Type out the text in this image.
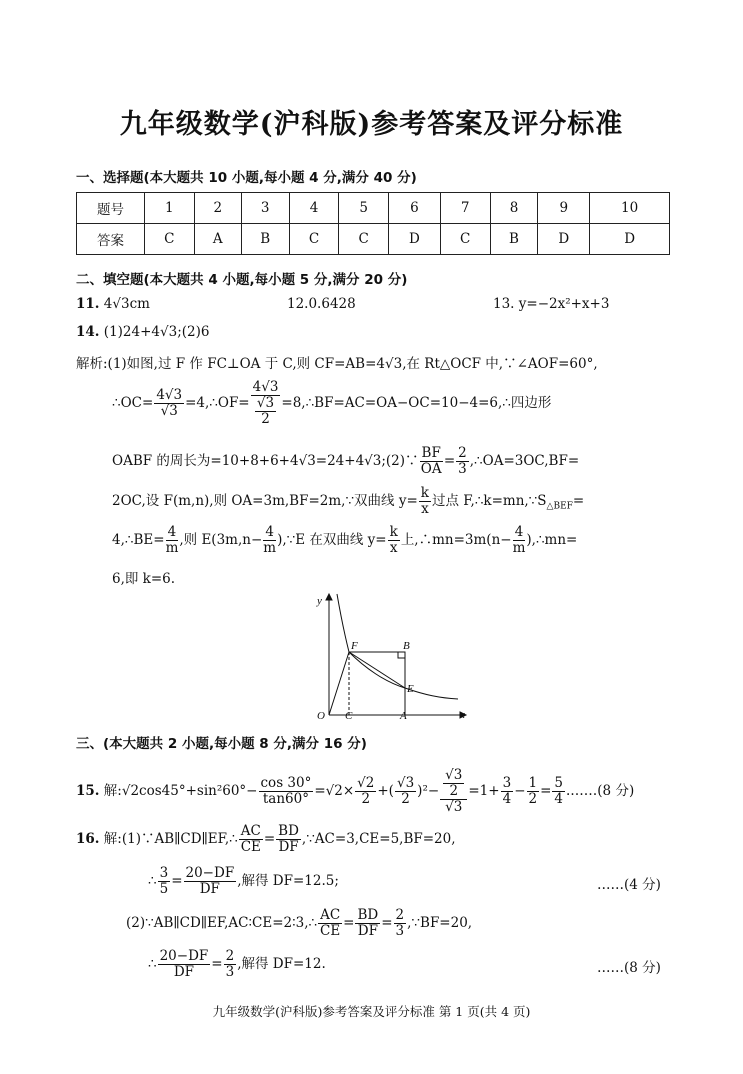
九年级数学(沪科版)参考答案及评分标准
一、选择题(本大题共 10 小题,每小题 4 分,满分 40 分)
题号	1	2	3	4	5	6	7	8	9	10
答案	C	A	B	C	C	D	C	B	D	D
二、填空题(本大题共 4 小题,每小题 5 分,满分 20 分)
11. 4√3cm	12.0.6428	13. y=−2x²+x+3
14. (1)24+4√3;(2)6
解析:(1)如图,过 F 作 FC⊥OA 于 C,则 CF=AB=4√3,在 Rt△OCF 中,∵∠AOF=60°,
∴OC= $\frac{4√3}{√3}$ =4,∴OF= $\frac{4√3}{\frac{√3}{2}}$ =8,∴BF=AC=OA−OC=10−4=6,∴四边形
OABF 的周长为=10+8+6+4√3=24+4√3;(2)∵ $\frac{BF}{OA} = \frac{2}{3}$ ,∴OA=3OC,BF=
2OC,设 F(m,n),则 OA=3m,BF=2m,∵双曲线 $y= \frac{k}{x}$ 过点 $F,\therefore k=mn,\because S_{\triangle BEF}=$
4,∴BE= $\frac{4}{m}$ ,则 $E(3m,n- \frac{4}{m}$ ),∵E 在双曲线 $y= \frac{k}{x}$ 上,∴mn=3m(n− $\frac{4}{m}$ ),∴mn=
6,即 k=6.
y
x
O C	A
F	B
E
三、(本大题共 2 小题,每小题 8 分,满分 16 分)
15. 解:√2cos45°+sin²60°− $\frac{\cos 30^\circ}{\tan 60^\circ} =√2\times \frac{√2}{2}$ +( $\frac{√3}{2} )^2- \frac{\frac{√3}{2}}{√3} =1+ \frac{3}{4} - \frac{1}{2} = \frac{5}{4}$ .……(8 分)
16. 解:(1)∵AB∥CD∥EF,∴ $\frac{AC}{CE} = \frac{BD}{DF}$ ,∵AC=3,CE=5,BF=20,
∴ $\frac{3}{5} = \frac{20-DF}{DF}$ ,解得 DF=12.5;	……(4 分)
(2)∵AB∥CD∥EF,AC∶CE=2∶3,∴ $\frac{AC}{CE} = \frac{BD}{DF} = \frac{2}{3}$ ,∵BF=20,
∴ $\frac{20-DF}{DF} = \frac{2}{3}$ ,解得 DF=12.	……(8 分)
九年级数学(沪科版)参考答案及评分标准 第 1 页(共 4 页)
